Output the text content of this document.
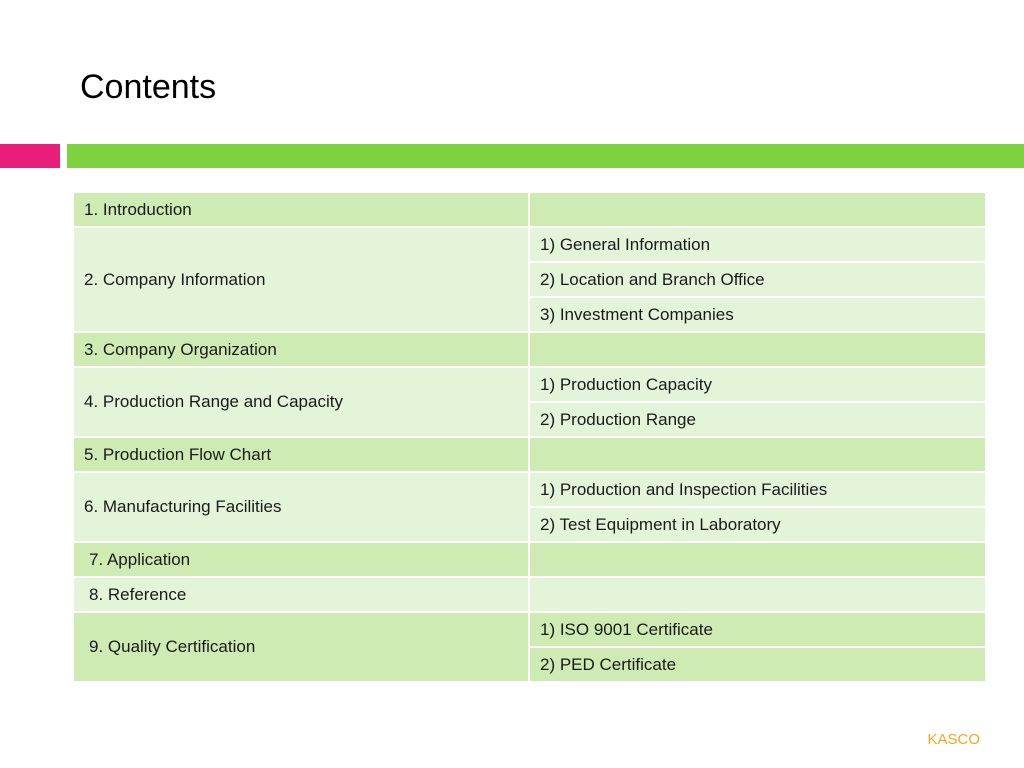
Contents
1. Introduction	
2. Company Information	1) General Information
	2) Location and Branch Office
	3) Investment Companies
3. Company Organization	
4. Production Range and Capacity	1) Production Capacity
	2) Production Range
5. Production Flow Chart	
6. Manufacturing Facilities	1) Production and Inspection Facilities
	2) Test Equipment in Laboratory
7. Application	
8. Reference	
9. Quality Certification	1) ISO 9001 Certificate
	2) PED Certificate
KASCO
